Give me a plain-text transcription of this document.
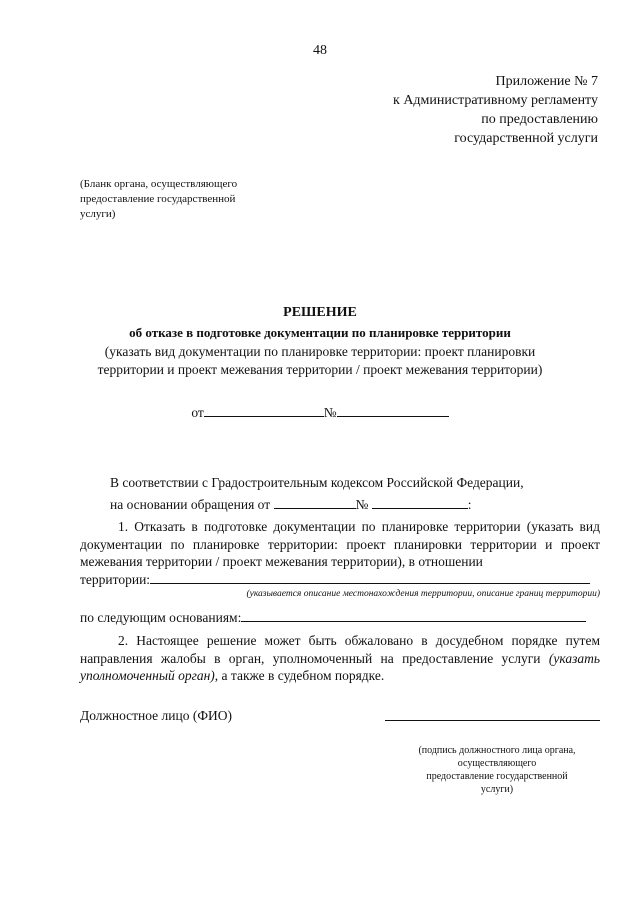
48
Приложение № 7
к Административному регламенту
по предоставлению
государственной услуги
(Бланк органа, осуществляющего
предоставление государственной
услуги)
РЕШЕНИЕ
об отказе в подготовке документации по планировке территории
(указать вид документации по планировке территории: проект планировки
территории и проект межевания территории / проект межевания территории)
от	№
В соответствии с Градостроительным кодексом Российской Федерации,
на основании обращения от	№	:
1. Отказать в подготовке документации по планировке территории (указать вид документации по планировке территории: проект планировки территории и проект межевания территории / проект межевания территории), в отношении
территории:
(указывается описание местонахождения территории, описание границ территории)
по следующим основаниям:
2. Настоящее решение может быть обжаловано в досудебном порядке путем направления жалобы в орган, уполномоченный на предоставление услуги (указать уполномоченный орган), а также в судебном порядке.
Должностное лицо (ФИО)
(подпись должностного лица органа,
осуществляющего
предоставление государственной
услуги)
